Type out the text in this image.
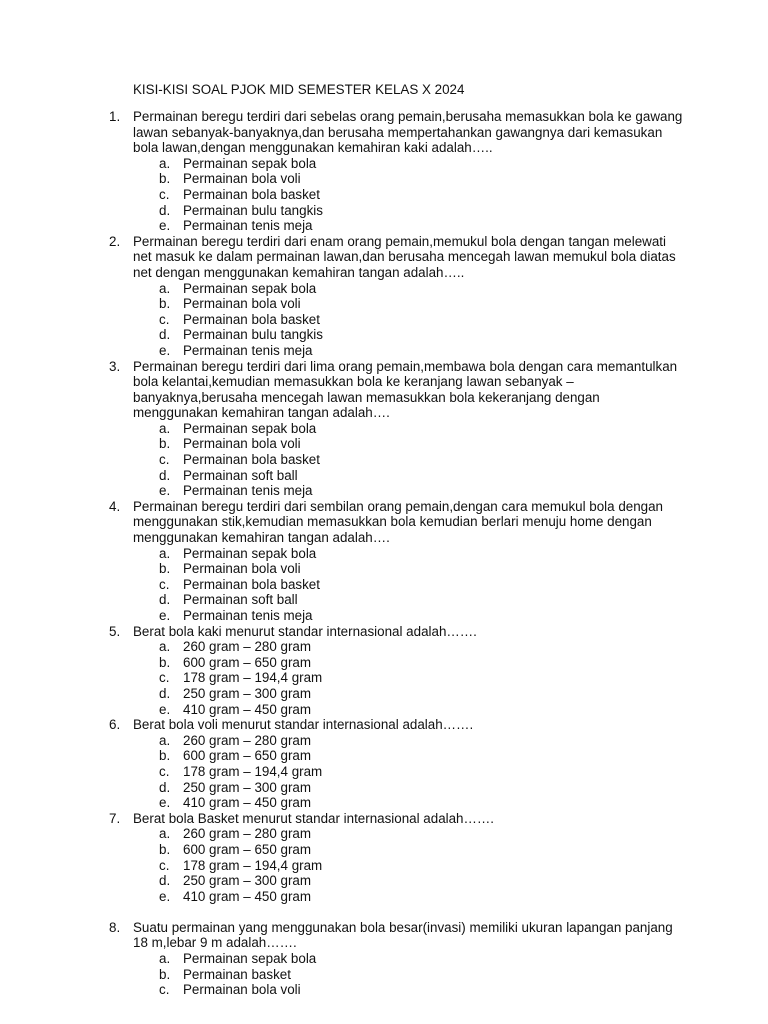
KISI-KISI SOAL PJOK MID SEMESTER KELAS X 2024
1. Permainan beregu terdiri dari sebelas orang pemain,berusaha memasukkan bola ke gawang lawan sebanyak-banyaknya,dan berusaha mempertahankan gawangnya dari kemasukan bola lawan,dengan menggunakan kemahiran kaki adalah…..
a. Permainan sepak bola
b. Permainan bola voli
c. Permainan bola basket
d. Permainan bulu tangkis
e. Permainan tenis meja
2. Permainan beregu terdiri dari enam orang pemain,memukul bola dengan tangan melewati net masuk ke dalam permainan lawan,dan berusaha mencegah lawan memukul bola diatas net dengan menggunakan kemahiran tangan adalah…..
a. Permainan sepak bola
b. Permainan bola voli
c. Permainan bola basket
d. Permainan bulu tangkis
e. Permainan tenis meja
3. Permainan beregu terdiri dari lima orang pemain,membawa bola dengan cara memantulkan bola kelantai,kemudian memasukkan bola ke keranjang lawan sebanyak –banyaknya,berusaha mencegah lawan memasukkan bola kekeranjang dengan menggunakan kemahiran tangan adalah….
a. Permainan sepak bola
b. Permainan bola voli
c. Permainan bola basket
d. Permainan soft ball
e. Permainan tenis meja
4. Permainan beregu terdiri dari sembilan orang pemain,dengan cara memukul bola dengan menggunakan stik,kemudian memasukkan bola kemudian berlari menuju home dengan menggunakan kemahiran tangan adalah….
a. Permainan sepak bola
b. Permainan bola voli
c. Permainan bola basket
d. Permainan soft ball
e. Permainan tenis meja
5. Berat bola kaki menurut standar internasional adalah…….
a. 260 gram – 280 gram
b. 600 gram – 650 gram
c. 178 gram – 194,4 gram
d. 250 gram – 300 gram
e. 410 gram – 450 gram
6. Berat bola voli menurut standar internasional adalah…….
a. 260 gram – 280 gram
b. 600 gram – 650 gram
c. 178 gram – 194,4 gram
d. 250 gram – 300 gram
e. 410 gram – 450 gram
7. Berat bola Basket menurut standar internasional adalah…….
a. 260 gram – 280 gram
b. 600 gram – 650 gram
c. 178 gram – 194,4 gram
d. 250 gram – 300 gram
e. 410 gram – 450 gram
8. Suatu permainan yang menggunakan bola besar(invasi) memiliki ukuran lapangan panjang 18 m,lebar 9 m adalah…….
a. Permainan sepak bola
b. Permainan basket
c. Permainan bola voli
